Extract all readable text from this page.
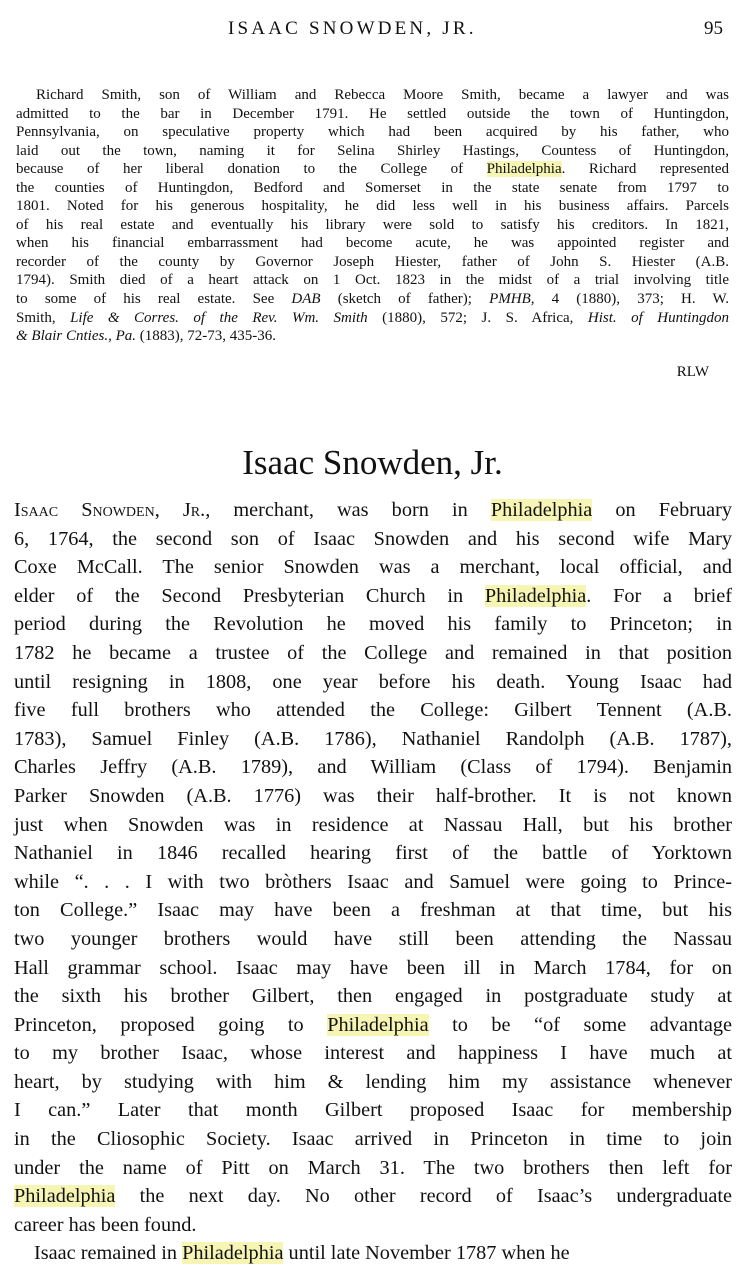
ISAAC SNOWDEN, JR.	95
Richard Smith, son of William and Rebecca Moore Smith, became a lawyer and was
admitted to the bar in December 1791. He settled outside the town of Huntingdon,
Pennsylvania, on speculative property which had been acquired by his father, who
laid out the town, naming it for Selina Shirley Hastings, Countess of Huntingdon,
because of her liberal donation to the College of Philadelphia. Richard represented
the counties of Huntingdon, Bedford and Somerset in the state senate from 1797 to
1801. Noted for his generous hospitality, he did less well in his business affairs. Parcels
of his real estate and eventually his library were sold to satisfy his creditors. In 1821,
when his financial embarrassment had become acute, he was appointed register and
recorder of the county by Governor Joseph Hiester, father of John S. Hiester (A.B.
1794). Smith died of a heart attack on 1 Oct. 1823 in the midst of a trial involving title
to some of his real estate. See DAB (sketch of father); PMHB, 4 (1880), 373; H. W.
Smith, Life & Corres. of the Rev. Wm. Smith (1880), 572; J. S. Africa, Hist. of Huntingdon
& Blair Cnties., Pa. (1883), 72-73, 435-36.
RLW
Isaac Snowden, Jr.
Isaac Snowden, Jr., merchant, was born in Philadelphia on February
6, 1764, the second son of Isaac Snowden and his second wife Mary
Coxe McCall. The senior Snowden was a merchant, local official, and
elder of the Second Presbyterian Church in Philadelphia. For a brief
period during the Revolution he moved his family to Princeton; in
1782 he became a trustee of the College and remained in that position
until resigning in 1808, one year before his death. Young Isaac had
five full brothers who attended the College: Gilbert Tennent (A.B.
1783), Samuel Finley (A.B. 1786), Nathaniel Randolph (A.B. 1787),
Charles Jeffry (A.B. 1789), and William (Class of 1794). Benjamin
Parker Snowden (A.B. 1776) was their half-brother. It is not known
just when Snowden was in residence at Nassau Hall, but his brother
Nathaniel in 1846 recalled hearing first of the battle of Yorktown
while “. . . I with two bròthers Isaac and Samuel were going to Prince-
ton College.” Isaac may have been a freshman at that time, but his
two younger brothers would have still been attending the Nassau
Hall grammar school. Isaac may have been ill in March 1784, for on
the sixth his brother Gilbert, then engaged in postgraduate study at
Princeton, proposed going to Philadelphia to be “of some advantage
to my brother Isaac, whose interest and happiness I have much at
heart, by studying with him & lending him my assistance whenever
I can.” Later that month Gilbert proposed Isaac for membership
in the Cliosophic Society. Isaac arrived in Princeton in time to join
under the name of Pitt on March 31. The two brothers then left for
Philadelphia the next day. No other record of Isaac’s undergraduate
career has been found.
Isaac remained in Philadelphia until late November 1787 when he
